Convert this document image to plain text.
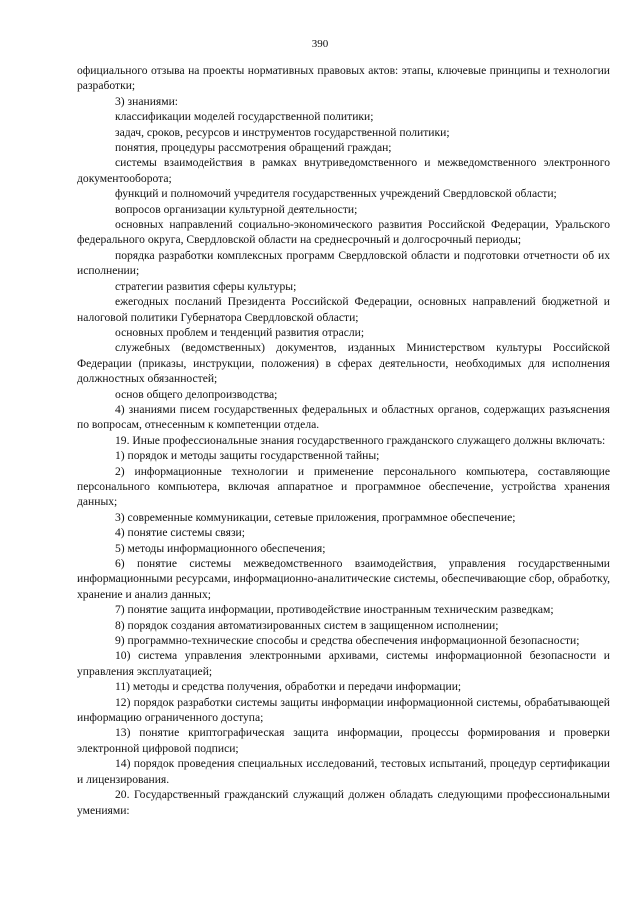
390

официального отзыва на проекты нормативных правовых актов: этапы, ключевые принципы и технологии разработки;

3) знаниями:

классификации моделей государственной политики;

задач, сроков, ресурсов и инструментов государственной политики;

понятия, процедуры рассмотрения обращений граждан;

системы взаимодействия в рамках внутриведомственного и межведомственного электронного документооборота;

функций и полномочий учредителя государственных учреждений Свердловской области;

вопросов организации культурной деятельности;

основных направлений социально-экономического развития Российской Федерации, Уральского федерального округа, Свердловской области на среднесрочный и долгосрочный периоды;

порядка разработки комплексных программ Свердловской области и подготовки отчетности об их исполнении;

стратегии развития сферы культуры;

ежегодных посланий Президента Российской Федерации, основных направлений бюджетной и налоговой политики Губернатора Свердловской области;

основных проблем и тенденций развития отрасли;

служебных (ведомственных) документов, изданных Министерством культуры Российской Федерации (приказы, инструкции, положения) в сферах деятельности, необходимых для исполнения должностных обязанностей;

основ общего делопроизводства;

4) знаниями писем государственных федеральных и областных органов, содержащих разъяснения по вопросам, отнесенным к компетенции отдела.

19. Иные профессиональные знания государственного гражданского служащего должны включать:

1) порядок и методы защиты государственной тайны;

2) информационные технологии и применение персонального компьютера, составляющие персонального компьютера, включая аппаратное и программное обеспечение, устройства хранения данных;

3) современные коммуникации, сетевые приложения, программное обеспечение;

4) понятие системы связи;

5) методы информационного обеспечения;

6) понятие системы межведомственного взаимодействия, управления государственными информационными ресурсами, информационно-аналитические системы, обеспечивающие сбор, обработку, хранение и анализ данных;

7) понятие защита информации, противодействие иностранным техническим разведкам;

8) порядок создания автоматизированных систем в защищенном исполнении;

9) программно-технические способы и средства обеспечения информационной безопасности;

10) система управления электронными архивами, системы информационной безопасности и управления эксплуатацией;

11) методы и средства получения, обработки и передачи информации;

12) порядок разработки системы защиты информации информационной системы, обрабатывающей информацию ограниченного доступа;

13) понятие криптографическая защита информации, процессы формирования и проверки электронной цифровой подписи;

14) порядок проведения специальных исследований, тестовых испытаний, процедур сертификации и лицензирования.

20. Государственный гражданский служащий должен обладать следующими профессиональными умениями:
